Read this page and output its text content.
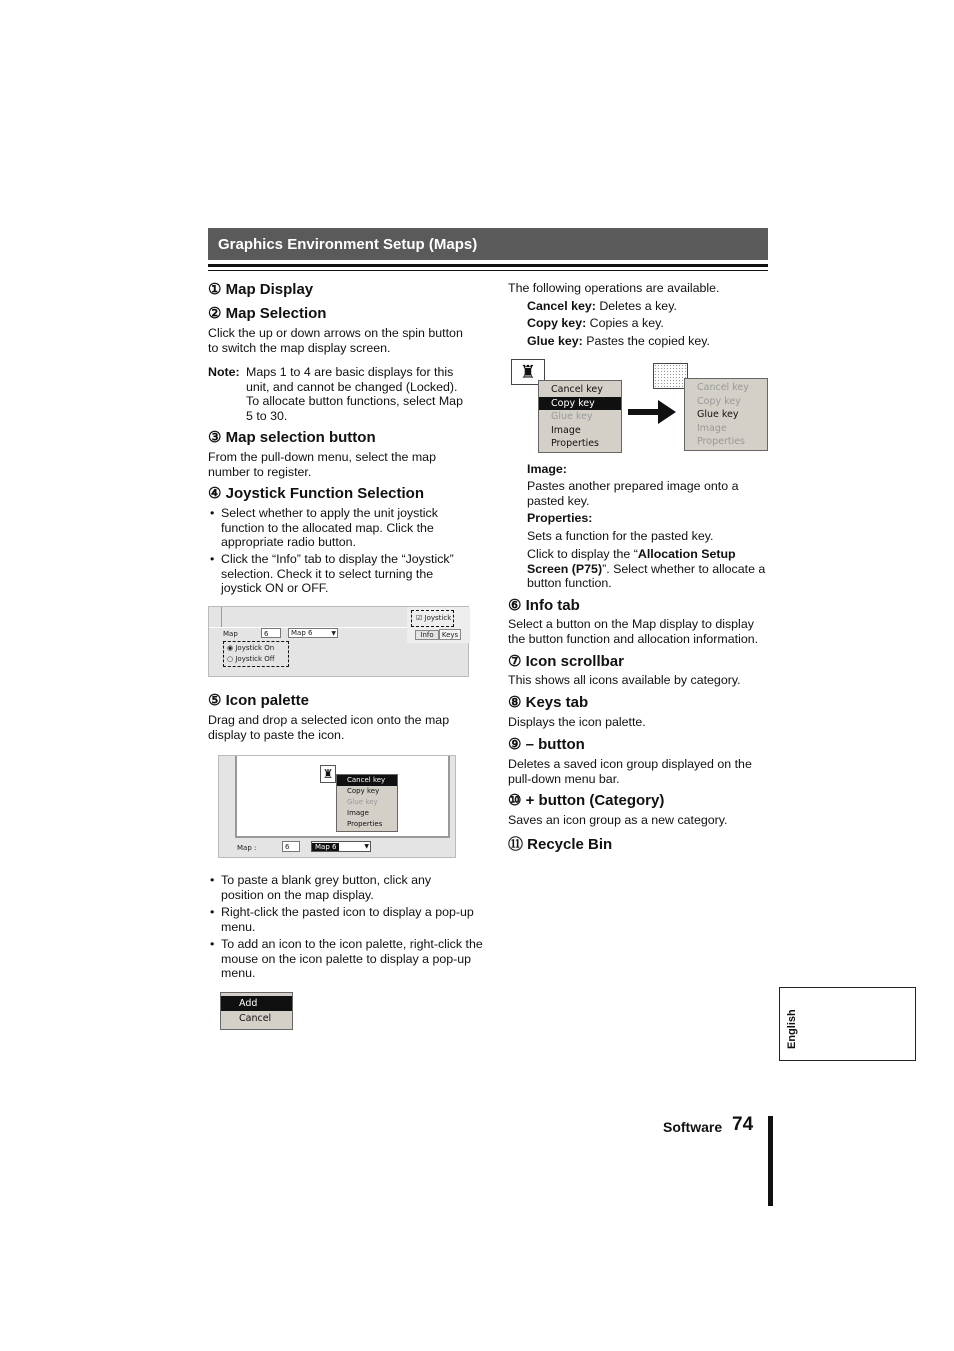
Graphics Environment Setup (Maps)
① Map Display
② Map Selection

Click the up or down arrows on the spin button to switch the map display screen.

Note: Maps 1 to 4 are basic displays for this unit, and cannot be changed (Locked). To allocate button functions, select Map 5 to 30.

③ Map selection button

From the pull-down menu, select the map number to register.

④ Joystick Function Selection

• Select whether to apply the unit joystick function to the allocated map. Click the appropriate radio button.

• Click the “Info” tab to display the “Joystick” selection. Check it to select turning the joystick ON or OFF.

Map	6	Map 6	▼
◉ Joystick On
○ Joystick Off
☑ Joystick
Info	Keys
⑤ Icon palette

Drag and drop a selected icon onto the map display to paste the icon.

♜	Cancel key
Copy key
Glue key
Image
Properties
Map :	6	Map 6	▼

• To paste a blank grey button, click any position on the map display.

• Right-click the pasted icon to display a pop-up menu.

• To add an icon to the icon palette, right-click the mouse on the icon palette to display a pop-up menu.

Add
Cancel

The following operations are available.

Cancel key: Deletes a key.

Copy key: Copies a key.

Glue key: Pastes the copied key.

♜
Cancel key
Copy key
Glue key
Image
Properties
Cancel key
Copy key
Glue key
Image
Properties

Image:

Pastes another prepared image onto a pasted key.

Properties:

Sets a function for the pasted key.

Click to display the “Allocation Setup Screen (P75)”. Select whether to allocate a button function.

⑥ Info tab

Select a button on the Map display to display the button function and allocation information.

⑦ Icon scrollbar

This shows all icons available by category.

⑧ Keys tab

Displays the icon palette.

⑨ – button

Deletes a saved icon group displayed on the pull-down menu bar.

⑩ + button (Category)

Saves an icon group as a new category.

⑪ Recycle Bin
English
Software 74
